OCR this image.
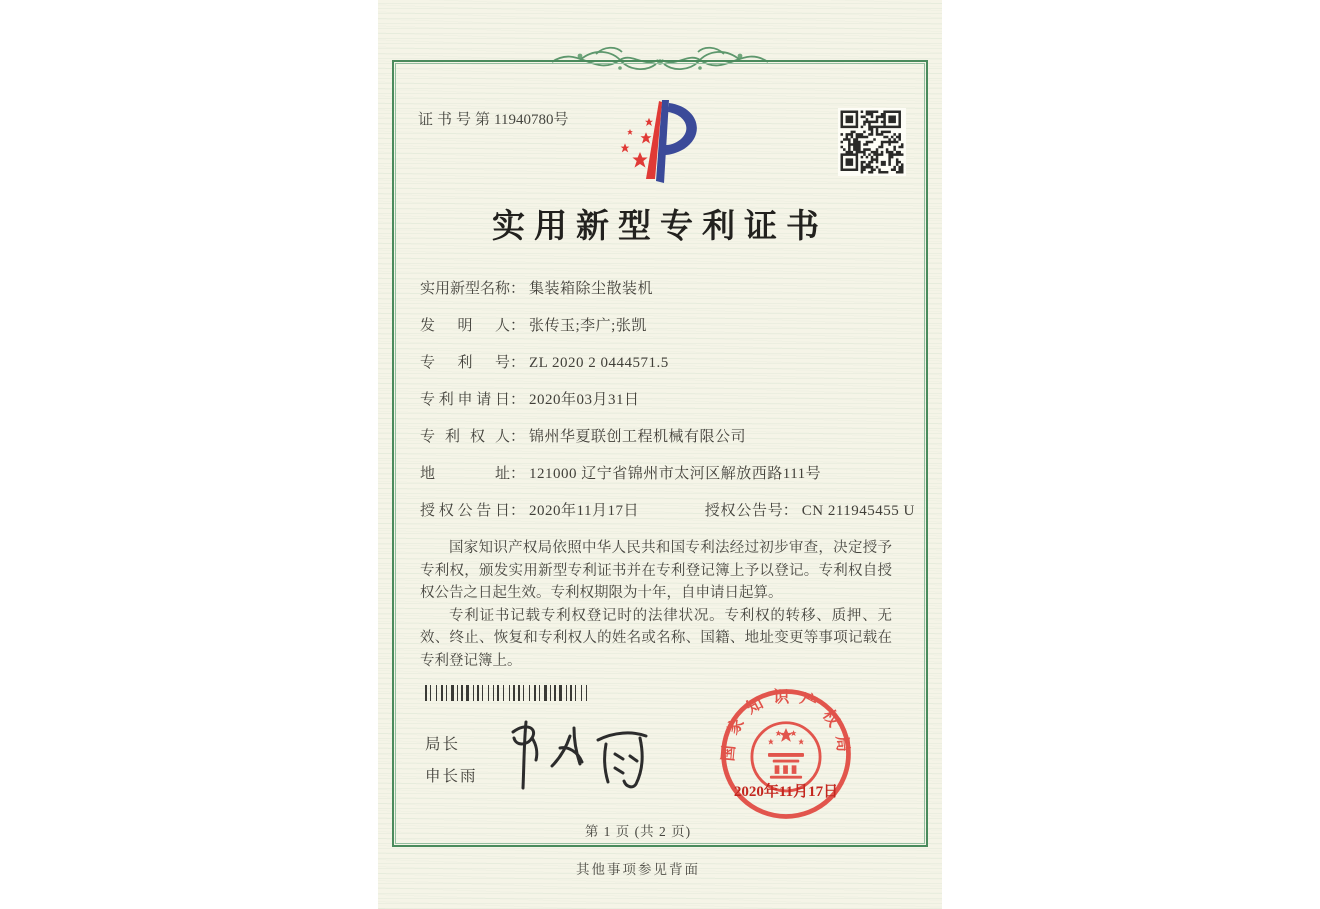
证书号第11940780号
实用新型专利证书
实用新型名称： 集装箱除尘散装机
发明人： 张传玉;李广;张凯
专利号： ZL 2020 2 0444571.5
专利申请日： 2020年03月31日
专利权人： 锦州华夏联创工程机械有限公司
地址： 121000 辽宁省锦州市太河区解放西路111号
授权公告日： 2020年11月17日	授权公告号： CN 211945455 U

国家知识产权局依照中华人民共和国专利法经过初步审查，决定授予专利权，颁发实用新型专利证书并在专利登记簿上予以登记。专利权自授权公告之日起生效。专利权期限为十年，自申请日起算。

专利证书记载专利权登记时的法律状况。专利权的转移、质押、无效、终止、恢复和专利权人的姓名或名称、国籍、地址变更等事项记载在专利登记簿上。

局长
申长雨
国家知识产权局
2020年11月17日
第 1 页 (共 2 页)
其他事项参见背面
